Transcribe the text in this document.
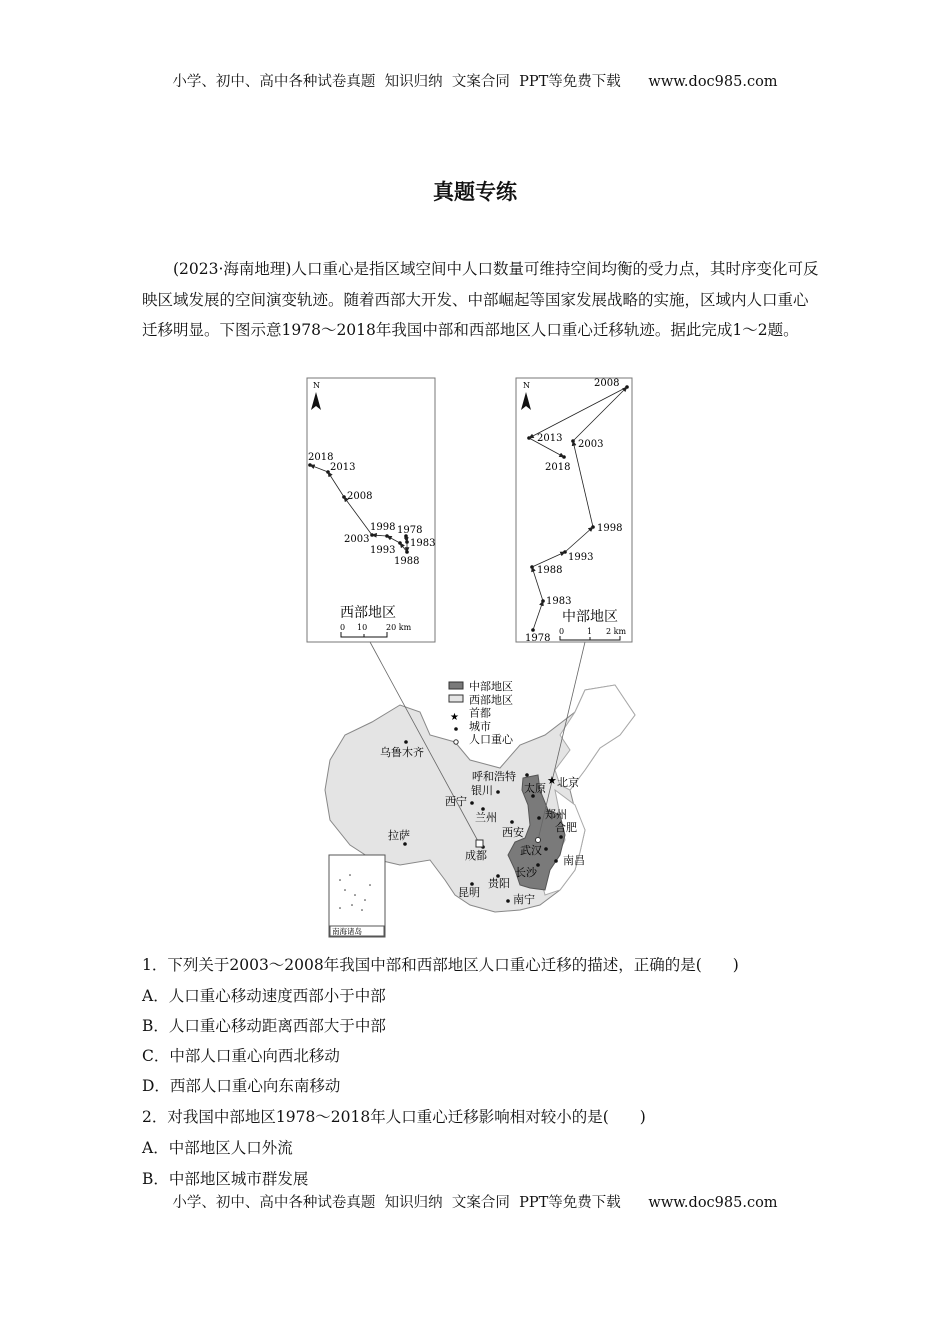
小学、初中、高中各种试卷真题  知识归纳  文案合同  PPT等免费下载      www.doc985.com
真题专练

(2023·海南地理)人口重心是指区域空间中人口数量可维持空间均衡的受力点，其时序变化可反映区域发展的空间演变轨迹。随着西部大开发、中部崛起等国家发展战略的实施，区域内人口重心迁移明显。下图示意1978～2018年我国中部和西部地区人口重心迁移轨迹。据此完成1～2题。

N	N
1978
1983
1988
1993
1998
2003
2008
2013
2018
1978
1983
1988
1993
1998
2003
2008
2013
2018
西部地区	中部地区
0 10 20 km	0	1 2 km
★
中部地区
西部地区
首都
城市
人口重心
乌鲁木齐
呼和浩特	★ 北京
太原
银川
西宁
兰州
西安
郑州
合肥
武汉
南昌
长沙
成都
拉萨
贵阳
昆明
南宁
南海诸岛
1．下列关于2003～2008年我国中部和西部地区人口重心迁移的描述，正确的是(　　)
A．人口重心移动速度西部小于中部
B．人口重心移动距离西部大于中部
C．中部人口重心向西北移动
D．西部人口重心向东南移动
2．对我国中部地区1978～2018年人口重心迁移影响相对较小的是(　　)
A．中部地区人口外流
B．中部地区城市群发展
小学、初中、高中各种试卷真题  知识归纳  文案合同  PPT等免费下载      www.doc985.com
